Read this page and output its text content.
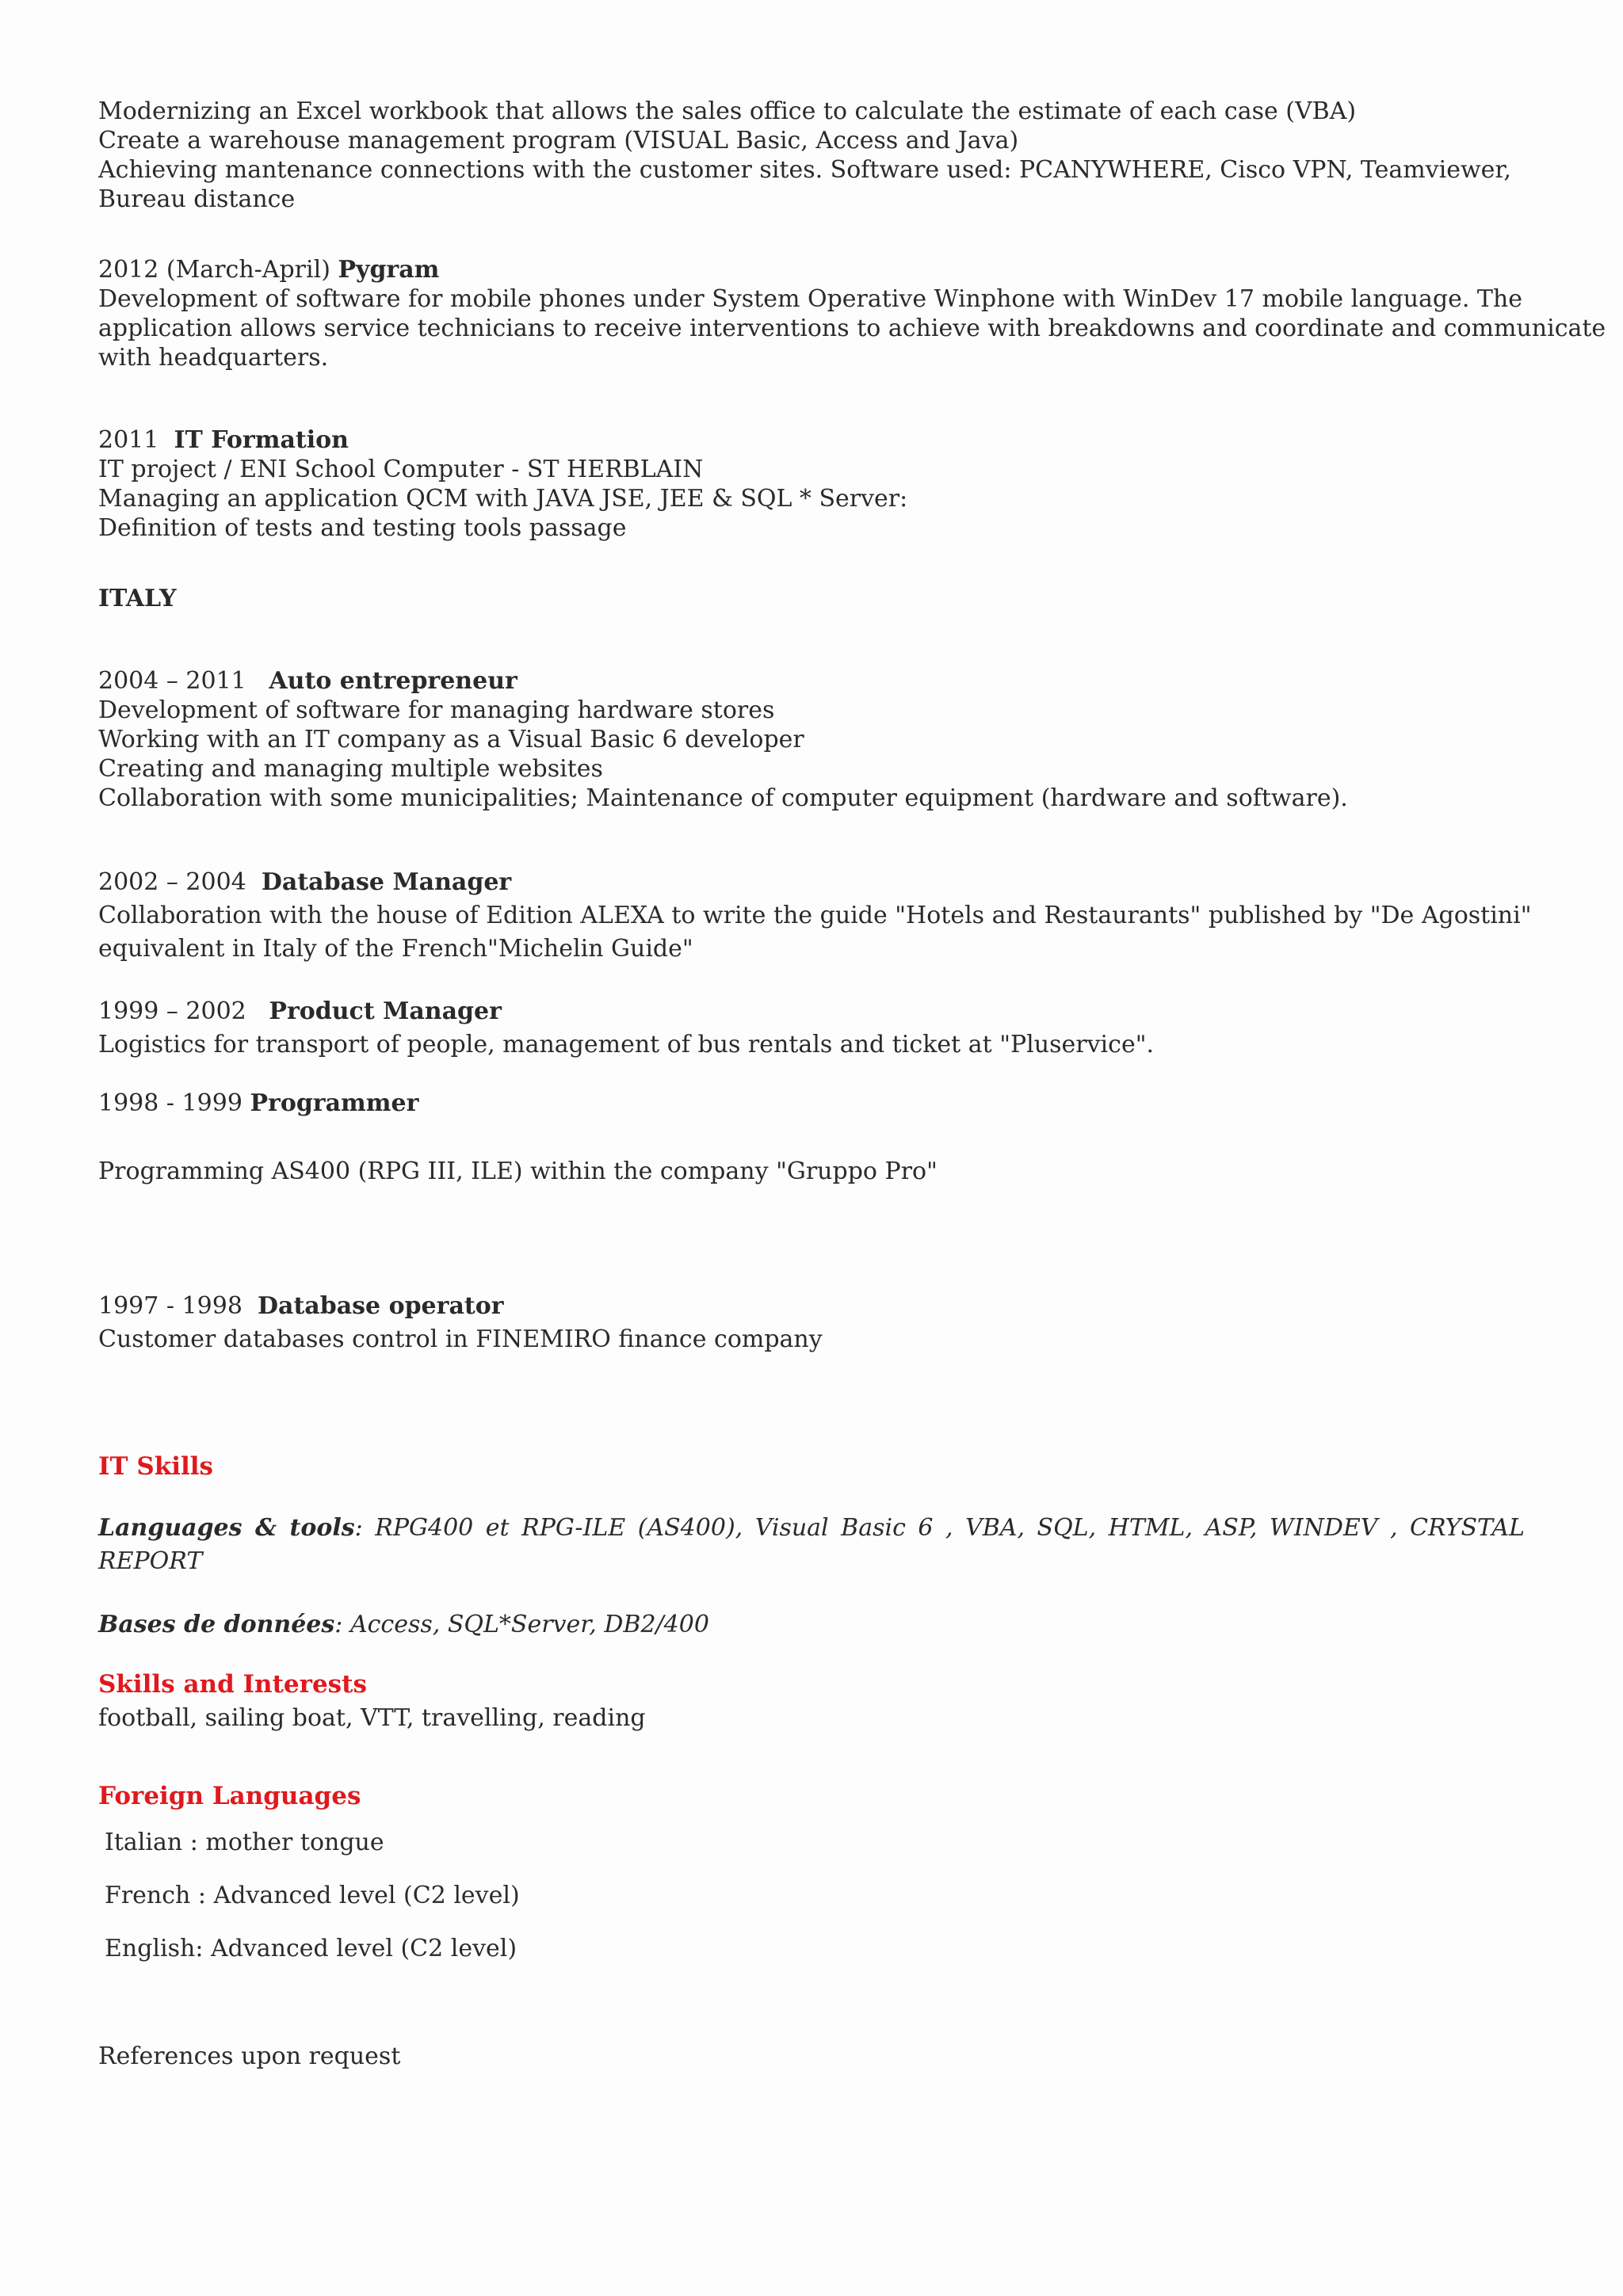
Modernizing an Excel workbook that allows the sales office to calculate the estimate of each case (VBA)
Create a warehouse management program (VISUAL Basic, Access and Java)
Achieving mantenance connections with the customer sites. Software used: PCANYWHERE, Cisco VPN, Teamviewer,
Bureau distance
2012 (March-April) Pygram
Development of software for mobile phones under System Operative Winphone with WinDev 17 mobile language. The
application allows service technicians to receive interventions to achieve with breakdowns and coordinate and communicate
with headquarters.
2011 IT Formation
IT project / ENI School Computer - ST HERBLAIN
Managing an application QCM with JAVA JSE, JEE & SQL * Server:
Definition of tests and testing tools passage
ITALY
2004 – 2011 Auto entrepreneur
Development of software for managing hardware stores
Working with an IT company as a Visual Basic 6 developer
Creating and managing multiple websites
Collaboration with some municipalities; Maintenance of computer equipment (hardware and software).
2002 – 2004 Database Manager
Collaboration with the house of Edition ALEXA to write the guide "Hotels and Restaurants" published by "De Agostini"
equivalent in Italy of the French"Michelin Guide"
1999 – 2002 Product Manager
Logistics for transport of people, management of bus rentals and ticket at "Pluservice".
1998 - 1999 Programmer
Programming AS400 (RPG III, ILE) within the company "Gruppo Pro"
1997 - 1998 Database operator
Customer databases control in FINEMIRO finance company
IT Skills
Languages & tools: RPG400 et RPG-ILE (AS400), Visual Basic 6 , VBA, SQL, HTML, ASP, WINDEV , CRYSTAL REPORT
Bases de données: Access, SQL*Server, DB2/400
Skills and Interests
football, sailing boat, VTT, travelling, reading
Foreign Languages
Italian : mother tongue
French : Advanced level (C2 level)
English: Advanced level (C2 level)
References upon request
